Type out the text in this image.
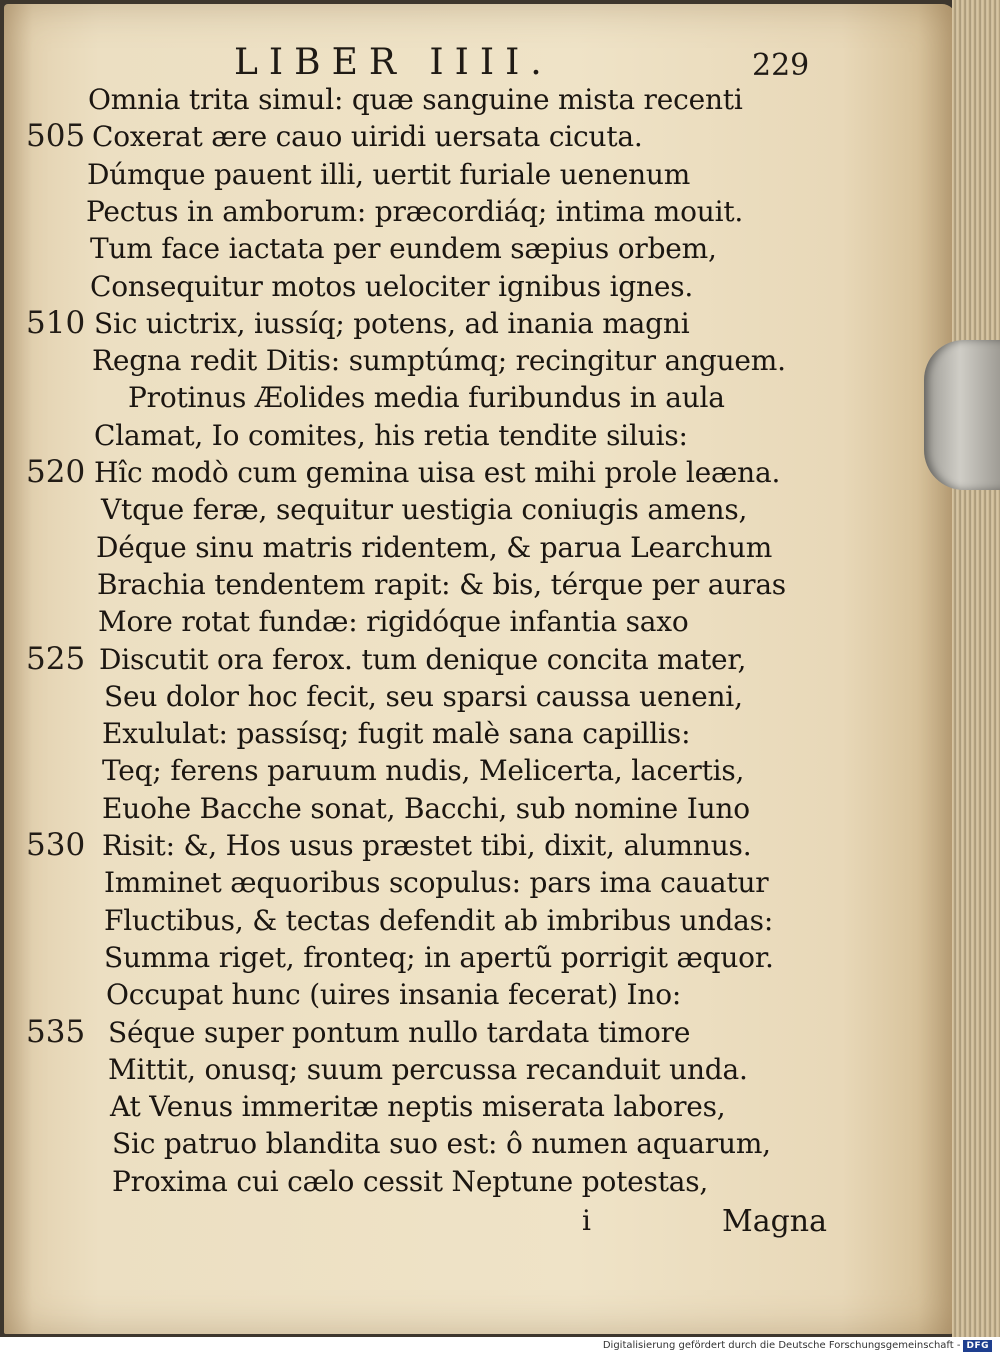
LIBER IIII.	229
Omnia trita simul: quæ sanguine mista recenti
505 Coxerat ære cauo uiridi uersata cicuta.
Dúmque pauent illi, uertit furiale uenenum
Pectus in amborum: præcordiáq; intima mouit.
Tum face iactata per eundem sæpius orbem,
Consequitur motos uelociter ignibus ignes.
510 Sic uictrix, iussíq; potens, ad inania magni
Regna redit Ditis: sumptúmq; recingitur anguem.
Protinus Æolides media furibundus in aula
Clamat, Io comites, his retia tendite siluis:
520 Hîc modò cum gemina uisa est mihi prole leæna.
Vtque feræ, sequitur uestigia coniugis amens,
Déque sinu matris ridentem, & parua Learchum
Brachia tendentem rapit: & bis, térque per auras
More rotat fundæ: rigidóque infantia saxo
525 Discutit ora ferox. tum denique concita mater,
Seu dolor hoc fecit, seu sparsi caussa ueneni,
Exululat: passísq; fugit malè sana capillis:
Teq; ferens paruum nudis, Melicerta, lacertis,
Euohe Bacche sonat, Bacchi, sub nomine Iuno
530 Risit: &, Hos usus præstet tibi, dixit, alumnus.
Imminet æquoribus scopulus: pars ima cauatur
Fluctibus, & tectas defendit ab imbribus undas:
Summa riget, fronteq; in apertũ porrigit æquor.
Occupat hunc (uires insania fecerat) Ino:
535 Séque super pontum nullo tardata timore
Mittit, onusq; suum percussa recanduit unda.
At Venus immeritæ neptis miserata labores,
Sic patruo blandita suo est: ô numen aquarum,
Proxima cui cælo cessit Neptune potestas,
i	Magna
Digitalisierung gefördert durch die Deutsche Forschungsgemeinschaft - DFG
